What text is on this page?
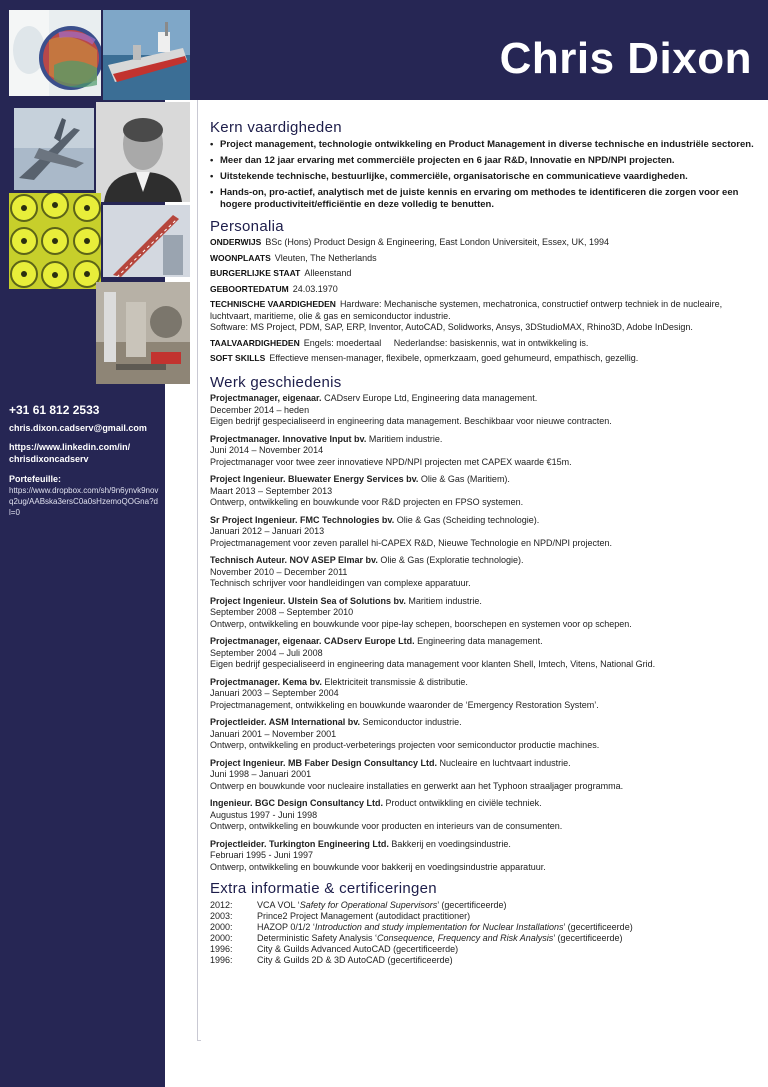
Chris Dixon
+31 61 812 2533
chris.dixon.cadserv@gmail.com
https://www.linkedin.com/in/
chrisdixoncadserv
Portefeuille:
https://www.dropbox.com/sh/9n6ynvk9novq2ug/AABska3ersC0a0sHzemoQOGna?dl=0
Kern vaardigheden
• Project management, technologie ontwikkeling en Product Management in diverse technische en industriële sectoren.
• Meer dan 12 jaar ervaring met commerciële projecten en 6 jaar R&D, Innovatie en NPD/NPI projecten.
• Uitstekende technische, bestuurlijke, commerciële, organisatorische en communicatieve vaardigheden.
• Hands-on, pro-actief, analytisch met de juiste kennis en ervaring om methodes te identificeren die zorgen voor een hogere productiviteit/efficiëntie en deze volledig te benutten.
Personalia
ONDERWIJS BSc (Hons) Product Design & Engineering, East London Universiteit, Essex, UK, 1994
WOONPLAATS Vleuten, The Netherlands
BURGERLIJKE STAAT Alleenstand
GEBOORTEDATUM 24.03.1970
TECHNISCHE VAARDIGHEDEN Hardware: Mechanische systemen, mechatronica, constructief ontwerp techniek in de nucleaire, luchtvaart, maritieme, olie & gas en semiconductor industrie.
Software: MS Project, PDM, SAP, ERP, Inventor, AutoCAD, Solidworks, Ansys, 3DStudioMAX, Rhino3D, Adobe InDesign.
TAALVAARDIGHEDEN Engels: moedertaal     Nederlandse: basiskennis, wat in ontwikkeling is.
SOFT SKILLS Effectieve mensen-manager, flexibele, opmerkzaam, goed gehumeurd, empathisch, gezellig.
Werk geschiedenis
Projectmanager, eigenaar. CADserv Europe Ltd, Engineering data management.
December 2014 – heden
Eigen bedrijf gespecialiseerd in engineering data management. Beschikbaar voor nieuwe contracten.
Projectmanager. Innovative Input bv. Maritiem industrie.
Juni 2014 – November 2014
Projectmanager voor twee zeer innovatieve NPD/NPI projecten met CAPEX waarde €15m.
Project Ingenieur. Bluewater Energy Services bv. Olie & Gas (Maritiem).
Maart 2013 – September 2013
Ontwerp, ontwikkeling en bouwkunde voor R&D projecten en FPSO systemen.
Sr Project Ingenieur. FMC Technologies bv. Olie & Gas (Scheiding technologie).
Januari 2012 – Januari 2013
Projectmanagement voor zeven parallel hi-CAPEX R&D, Nieuwe Technologie en NPD/NPI projecten.
Technisch Auteur. NOV ASEP Elmar bv. Olie & Gas (Exploratie technologie).
November 2010 – December 2011
Technisch schrijver voor handleidingen van complexe apparatuur.
Project Ingenieur. Ulstein Sea of Solutions bv. Maritiem industrie.
September 2008 – September 2010
Ontwerp, ontwikkeling en bouwkunde voor pipe-lay schepen, boorschepen en systemen voor op schepen.
Projectmanager, eigenaar. CADserv Europe Ltd. Engineering data management.
September 2004 – Juli 2008
Eigen bedrijf gespecialiseerd in engineering data management voor klanten Shell, Imtech, Vitens, National Grid.
Projectmanager. Kema bv. Elektriciteit transmissie & distributie.
Januari 2003 – September 2004
Projectmanagement, ontwikkeling en bouwkunde waaronder de ‘Emergency Restoration System’.
Projectleider. ASM International bv. Semiconductor industrie.
Januari 2001 – November 2001
Ontwerp, ontwikkeling en product-verbeterings projecten voor semiconductor productie machines.
Project Ingenieur. MB Faber Design Consultancy Ltd. Nucleaire en luchtvaart industrie.
Juni 1998 – Januari 2001
Ontwerp en bouwkunde voor nucleaire installaties en gerwerkt aan het Typhoon straaljager programma.
Ingenieur. BGC Design Consultancy Ltd. Product ontwikkling en civiële techniek.
Augustus 1997 - Juni 1998
Ontwerp, ontwikkeling en bouwkunde voor producten en interieurs van de consumenten.
Projectleider. Turkington Engineering Ltd. Bakkerij en voedingsindustrie.
Februari 1995 - Juni 1997
Ontwerp, ontwikkeling en bouwkunde voor bakkerij en voedingsindustrie apparatuur.
Extra informatie & certificeringen
2012:	VCA VOL ‘Safety for Operational Supervisors’ (gecertificeerde)
2003:	Prince2 Project Management (autodidact practitioner)
2000:	HAZOP 0/1/2 ‘Introduction and study implementation for Nuclear Installations’ (gecertificeerde)
2000:	Deterministic Safety Analysis ‘Consequence, Frequency and Risk Analysis’ (gecertificeerde)
1996:	City & Guilds Advanced AutoCAD (gecertificeerde)
1996:	City & Guilds 2D & 3D AutoCAD (gecertificeerde)
